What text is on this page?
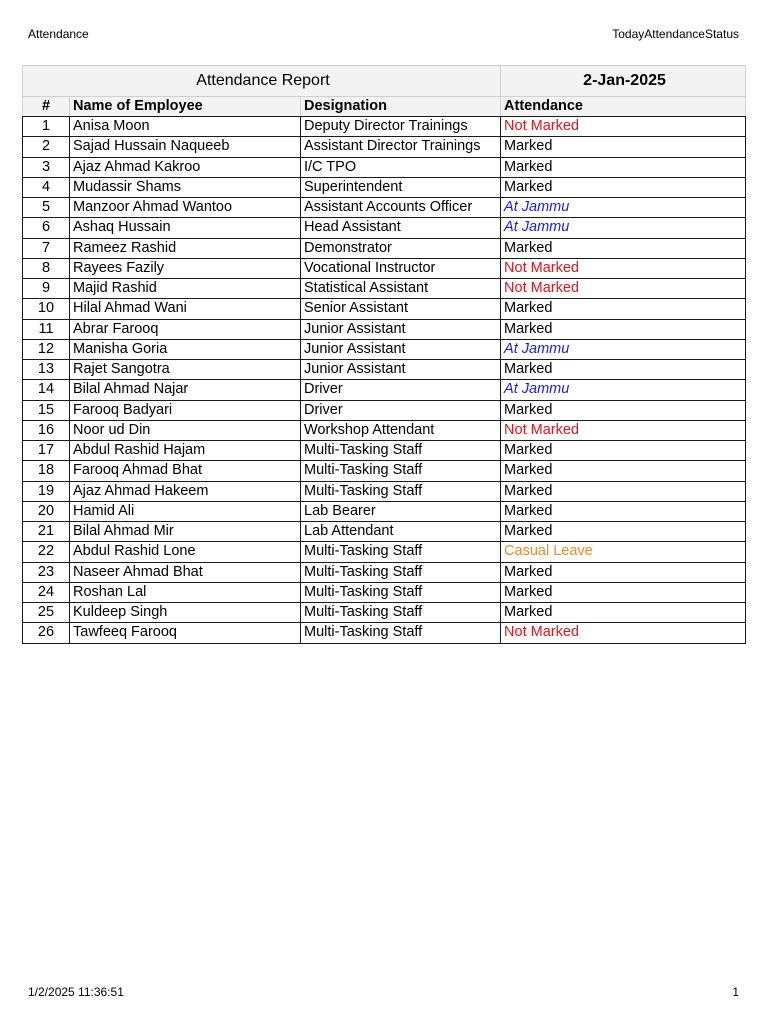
Attendance	TodayAttendanceStatus
Attendance Report			2-Jan-2025
#	Name of Employee	Designation	Attendance
1	Anisa Moon	Deputy Director Trainings	Not Marked
2	Sajad Hussain Naqueeb	Assistant Director Trainings	Marked
3	Ajaz Ahmad Kakroo	I/C TPO	Marked
4	Mudassir Shams	Superintendent	Marked
5	Manzoor Ahmad Wantoo	Assistant Accounts Officer	At Jammu
6	Ashaq Hussain	Head Assistant	At Jammu
7	Rameez Rashid	Demonstrator	Marked
8	Rayees Fazily	Vocational Instructor	Not Marked
9	Majid Rashid	Statistical Assistant	Not Marked
10	Hilal Ahmad Wani	Senior Assistant	Marked
11	Abrar Farooq	Junior Assistant	Marked
12	Manisha Goria	Junior Assistant	At Jammu
13	Rajet Sangotra	Junior Assistant	Marked
14	Bilal Ahmad Najar	Driver	At Jammu
15	Farooq Badyari	Driver	Marked
16	Noor ud Din	Workshop Attendant	Not Marked
17	Abdul Rashid Hajam	Multi-Tasking Staff	Marked
18	Farooq Ahmad Bhat	Multi-Tasking Staff	Marked
19	Ajaz Ahmad Hakeem	Multi-Tasking Staff	Marked
20	Hamid Ali	Lab Bearer	Marked
21	Bilal Ahmad Mir	Lab Attendant	Marked
22	Abdul Rashid Lone	Multi-Tasking Staff	Casual Leave
23	Naseer Ahmad Bhat	Multi-Tasking Staff	Marked
24	Roshan Lal	Multi-Tasking Staff	Marked
25	Kuldeep Singh	Multi-Tasking Staff	Marked
26	Tawfeeq Farooq	Multi-Tasking Staff	Not Marked
1/2/2025 11:36:51	1
